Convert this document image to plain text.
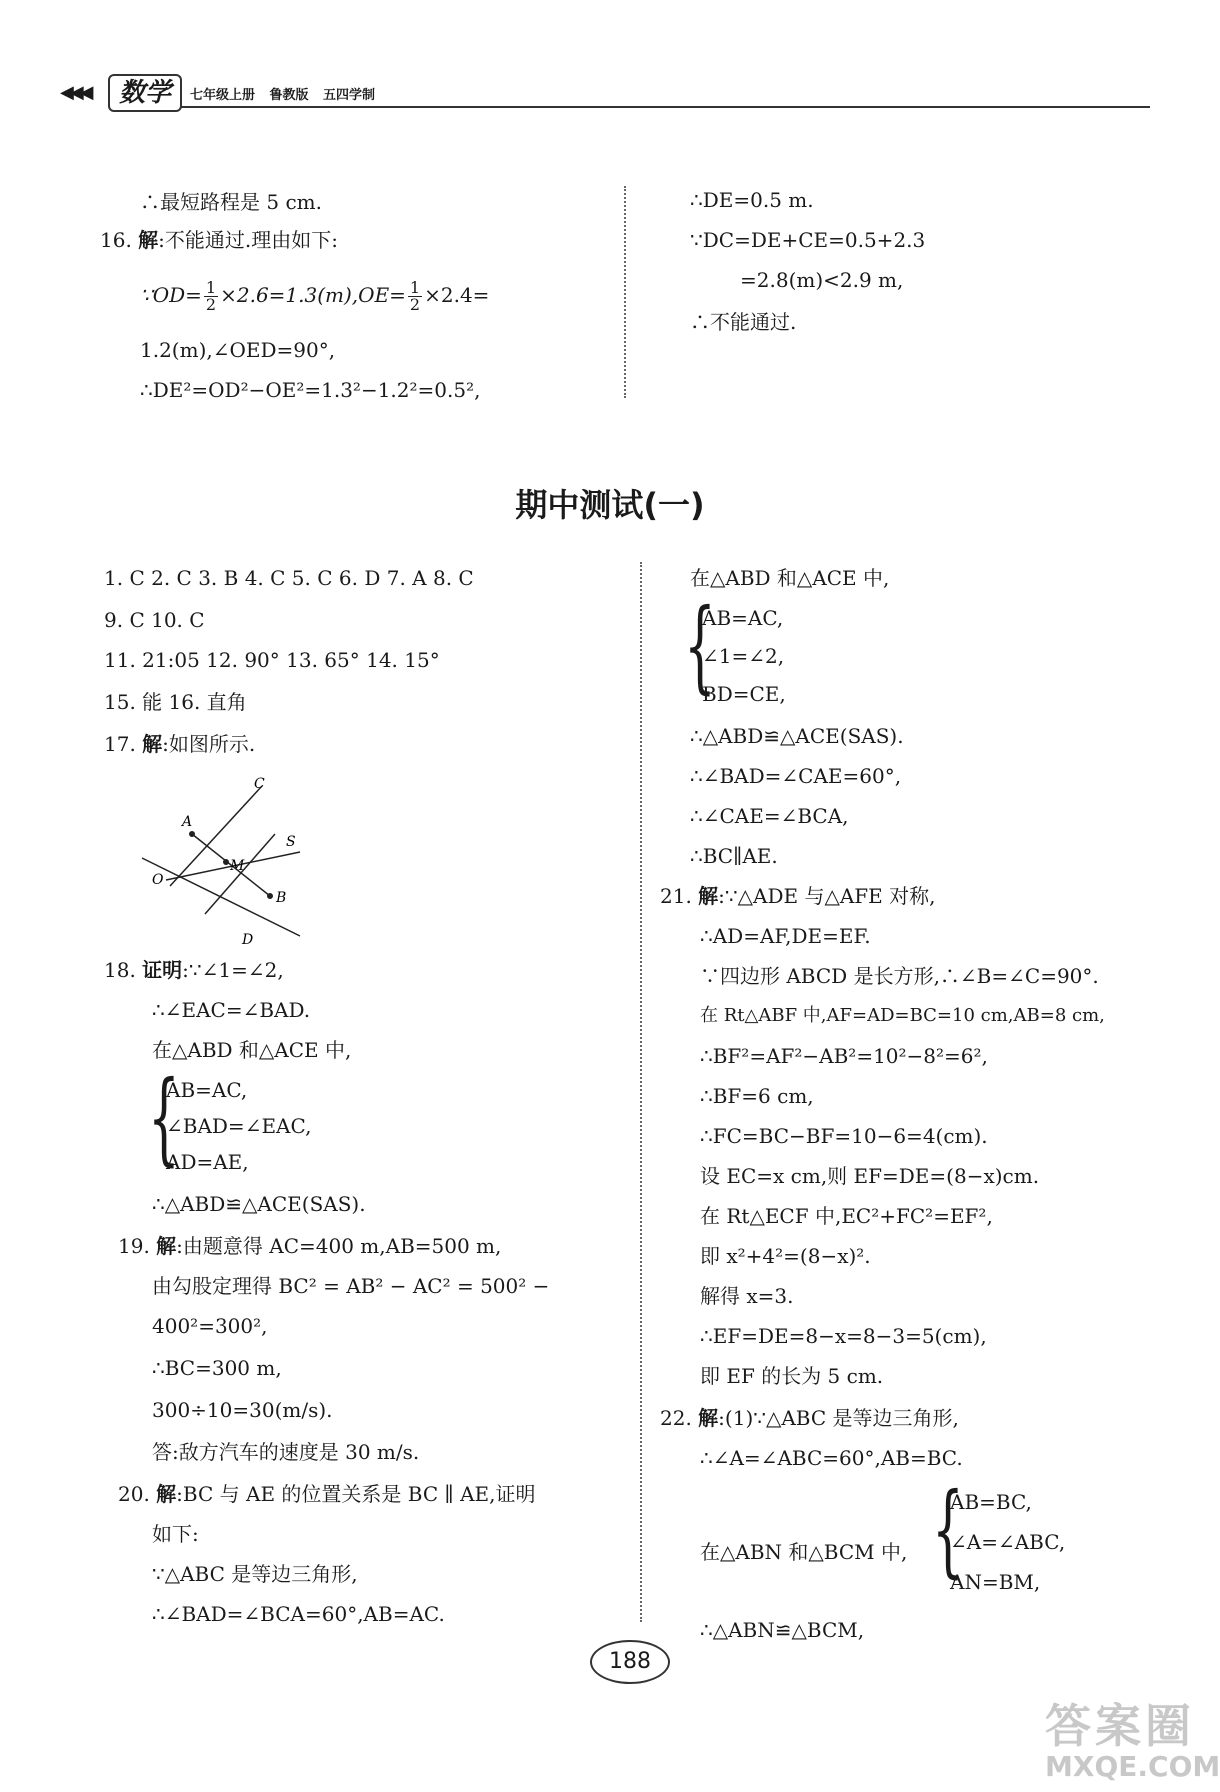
◀◀◀	数学	七年级上册 鲁教版 五四学制
∴最短路程是 5 cm.
16. 解:不能通过.理由如下:
∵OD= $\frac{1}{2} \times 2.6=1.3(m),OE= \frac{1}{2} \times 2.4=$
1.2(m),∠OED=90°,
∴DE²=OD²−OE²=1.3²−1.2²=0.5²,
∴DE=0.5 m.
∵DC=DE+CE=0.5+2.3
=2.8(m)<2.9 m,
∴不能通过.
期中测试(一)
1. C 2. C 3. B 4. C 5. C 6. D 7. A 8. C
9. C 10. C
11. 21:05 12. 90° 13. 65° 14. 15°
15. 能 16. 直角
17. 解:如图所示.
A
B
C
D
O
M
S
18. 证明:∵∠1=∠2,
∴∠EAC=∠BAD.
在△ABD 和△ACE 中,
{
AB=AC,
∠BAD=∠EAC,
AD=AE,
∴△ABD≌△ACE(SAS).
19. 解:由题意得 AC=400 m,AB=500 m,
由勾股定理得 BC² = AB² − AC² = 500² −
400²=300²,
∴BC=300 m,
300÷10=30(m/s).
答:敌方汽车的速度是 30 m/s.
20. 解:BC 与 AE 的位置关系是 BC ∥ AE,证明
如下:
∵△ABC 是等边三角形,
∴∠BAD=∠BCA=60°,AB=AC.
在△ABD 和△ACE 中,
{
AB=AC,
∠1=∠2,
BD=CE,
∴△ABD≌△ACE(SAS).
∴∠BAD=∠CAE=60°,
∴∠CAE=∠BCA,
∴BC∥AE.
21. 解:∵△ADE 与△AFE 对称,
∴AD=AF,DE=EF.
∵四边形 ABCD 是长方形,∴∠B=∠C=90°.
在 Rt△ABF 中,AF=AD=BC=10 cm,AB=8 cm,
∴BF²=AF²−AB²=10²−8²=6²,
∴BF=6 cm,
∴FC=BC−BF=10−6=4(cm).
设 EC=x cm,则 EF=DE=(8−x)cm.
在 Rt△ECF 中,EC²+FC²=EF²,
即 x²+4²=(8−x)².
解得 x=3.
∴EF=DE=8−x=8−3=5(cm),
即 EF 的长为 5 cm.
22. 解:(1)∵△ABC 是等边三角形,
∴∠A=∠ABC=60°,AB=BC.
在△ABN 和△BCM 中, {
AB=BC,
∠A=∠ABC,
AN=BM,
∴△ABN≌△BCM,
188
答案圈
MXQE.COM
